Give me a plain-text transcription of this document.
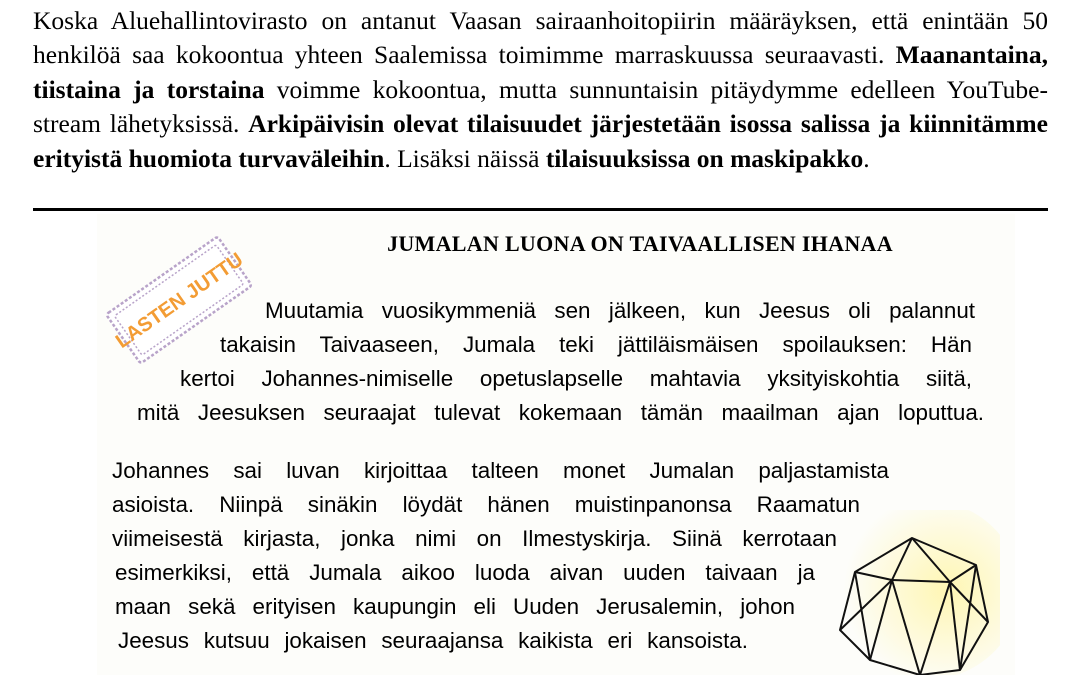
Koska Aluehallintovirasto on antanut Vaasan sairaanhoitopiirin määräyksen, että enintään 50 henkilöä saa kokoontua yhteen Saalemissa toimimme marraskuussa seuraavasti. Maanantaina, tiistaina ja torstaina voimme kokoontua, mutta sunnuntaisin pitäydymme edelleen YouTube-stream lähetyksissä. Arkipäivisin olevat tilaisuudet järjestetään isossa salissa ja kiinnitämme erityistä huomiota turvaväleihin. Lisäksi näissä tilaisuuksissa on maskipakko.
JUMALAN LUONA ON TAIVAALLISEN IHANAA
LASTEN JUTTU Muutamia vuosikymmeniä sen jälkeen, kun Jeesus oli palannut
takaisin Taivaaseen, Jumala teki jättiläismäisen spoilauksen: Hän
kertoi Johannes-nimiselle opetuslapselle mahtavia yksityiskohtia siitä,
mitä Jeesuksen seuraajat tulevat kokemaan tämän maailman ajan loputtua.
Johannes sai luvan kirjoittaa talteen monet Jumalan paljastamista
asioista. Niinpä sinäkin löydät hänen muistinpanonsa Raamatun
viimeisestä kirjasta, jonka nimi on Ilmestyskirja. Siinä kerrotaan
esimerkiksi, että Jumala aikoo luoda aivan uuden taivaan ja
maan sekä erityisen kaupungin eli Uuden Jerusalemin, johon
Jeesus kutsuu jokaisen seuraajansa kaikista eri kansoista.
